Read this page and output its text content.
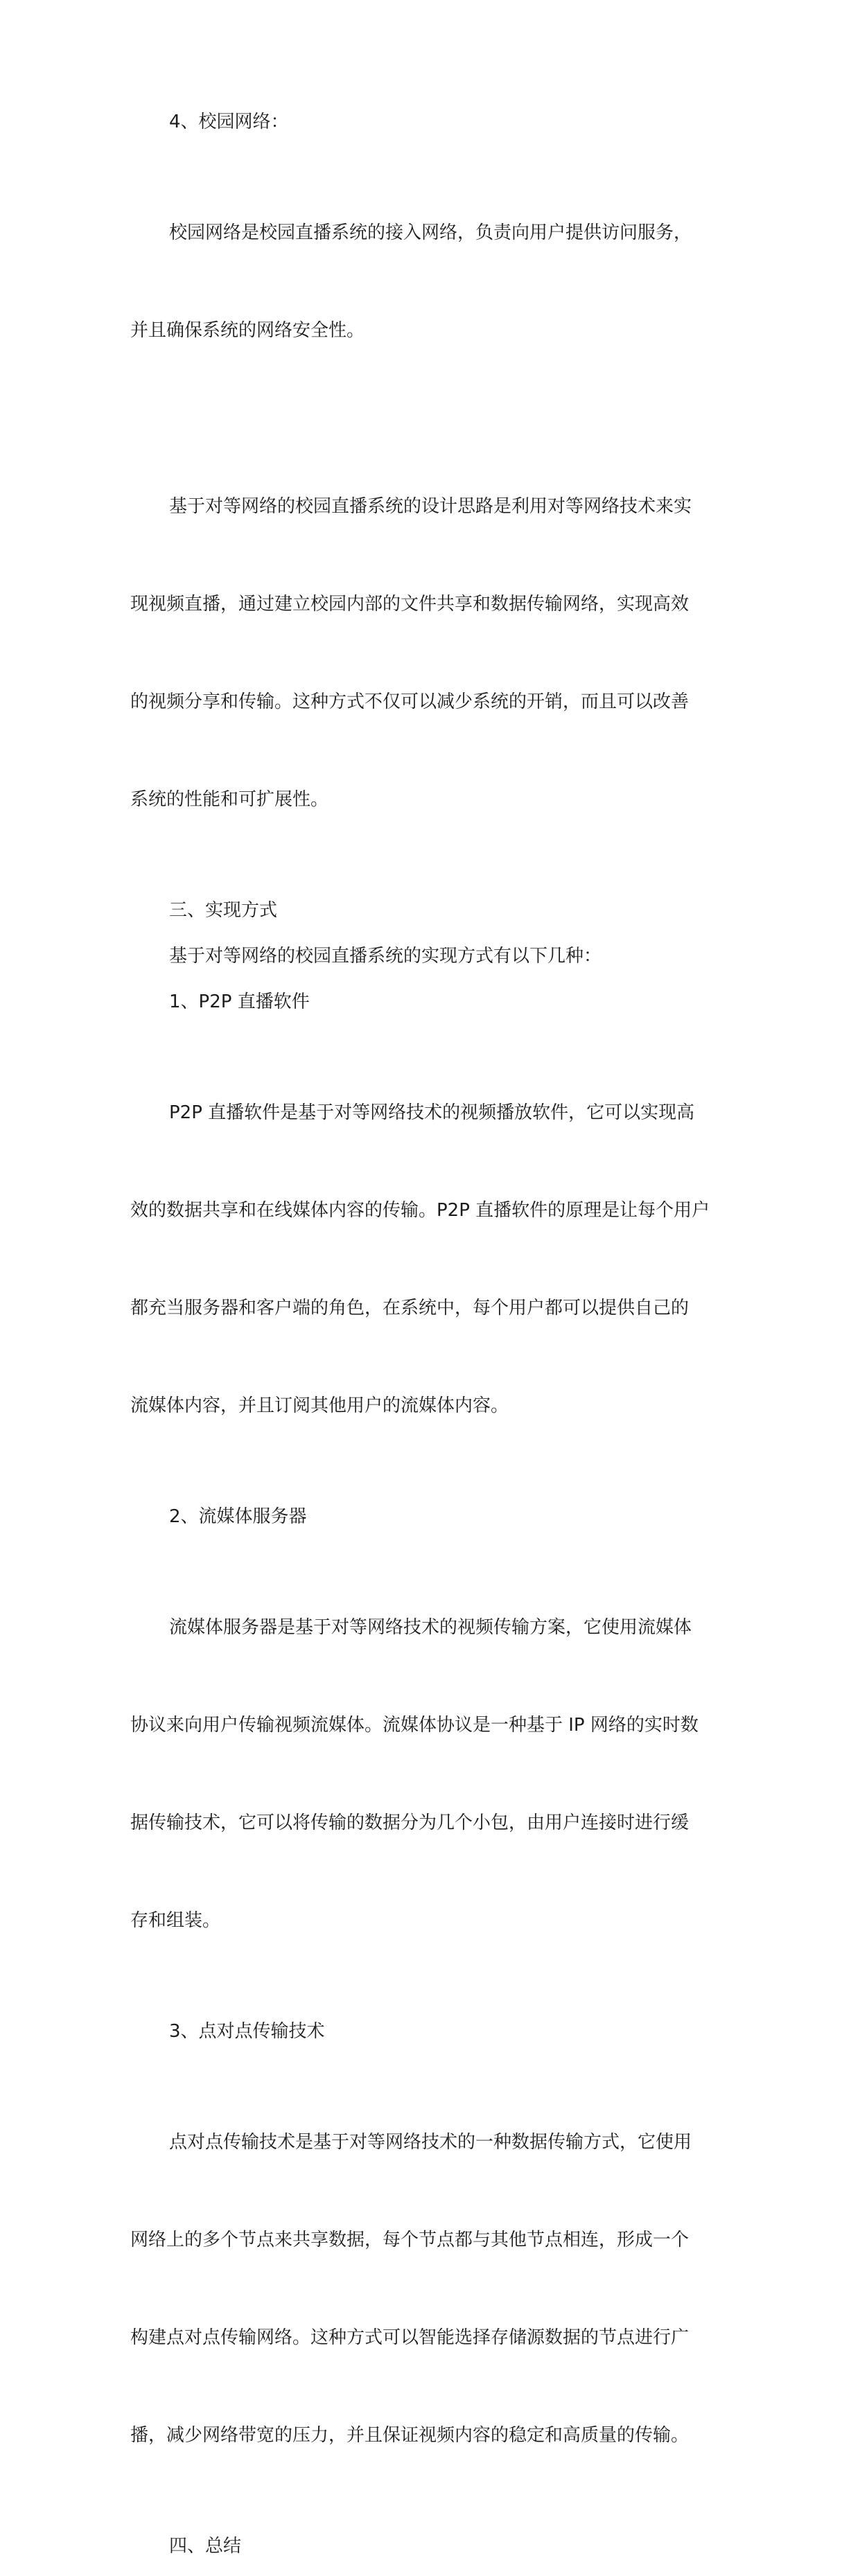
4、校园网络：

校园网络是校园直播系统的接入网络，负责向用户提供访问服务，

并且确保系统的网络安全性。

基于对等网络的校园直播系统的设计思路是利用对等网络技术来实

现视频直播，通过建立校园内部的文件共享和数据传输网络，实现高效

的视频分享和传输。这种方式不仅可以减少系统的开销，而且可以改善

系统的性能和可扩展性。

三、实现方式
基于对等网络的校园直播系统的实现方式有以下几种：
1、P2P 直播软件

P2P 直播软件是基于对等网络技术的视频播放软件，它可以实现高

效的数据共享和在线媒体内容的传输。P2P 直播软件的原理是让每个用户

都充当服务器和客户端的角色，在系统中，每个用户都可以提供自己的

流媒体内容，并且订阅其他用户的流媒体内容。

2、流媒体服务器

流媒体服务器是基于对等网络技术的视频传输方案，它使用流媒体

协议来向用户传输视频流媒体。流媒体协议是一种基于 IP 网络的实时数

据传输技术，它可以将传输的数据分为几个小包，由用户连接时进行缓

存和组装。

3、点对点传输技术

点对点传输技术是基于对等网络技术的一种数据传输方式，它使用

网络上的多个节点来共享数据，每个节点都与其他节点相连，形成一个

构建点对点传输网络。这种方式可以智能选择存储源数据的节点进行广

播，减少网络带宽的压力，并且保证视频内容的稳定和高质量的传输。

四、总结
